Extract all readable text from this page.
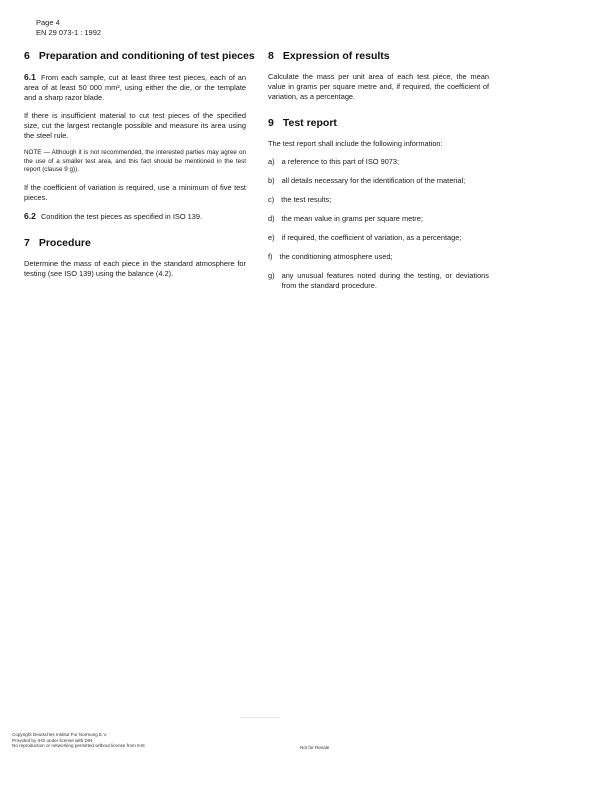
Page 4
EN 29 073-1 : 1992
6 Preparation and conditioning of test pieces

6.1 From each sample, cut at least three test pieces, each of an area of at least 50 000 mm², using either the die, or the template and a sharp razor blade.

If there is insufficient material to cut test pieces of the specified size, cut the largest rectangle possible and measure its area using the steel rule.

NOTE — Although it is not recommended, the interested parties may agree on the use of a smaller test area, and this fact should be mentioned in the test report (clause 9 g)).

If the coefficient of variation is required, use a minimum of five test pieces.

6.2 Condition the test pieces as specified in ISO 139.

7 Procedure

Determine the mass of each piece in the standard atmosphere for testing (see ISO 139) using the balance (4.2).

8 Expression of results

Calculate the mass per unit area of each test piece, the mean value in grams per square metre and, if required, the coefficient of variation, as a percentage.

9 Test report

The test report shall include the following information:

a) a reference to this part of ISO 9073;
b) all details necessary for the identification of the material;
c) the test results;
d) the mean value in grams per square metre;
e) if required, the coefficient of variation, as a percentage;
f) the conditioning atmosphere used;
g) any unusual features noted during the testing, or deviations from the standard procedure.
Copyright Deutsches Institut Fur Normung E.V.
Provided by IHS under license with DIN
No reproduction or networking permitted without license from IHS	Not for Resale
